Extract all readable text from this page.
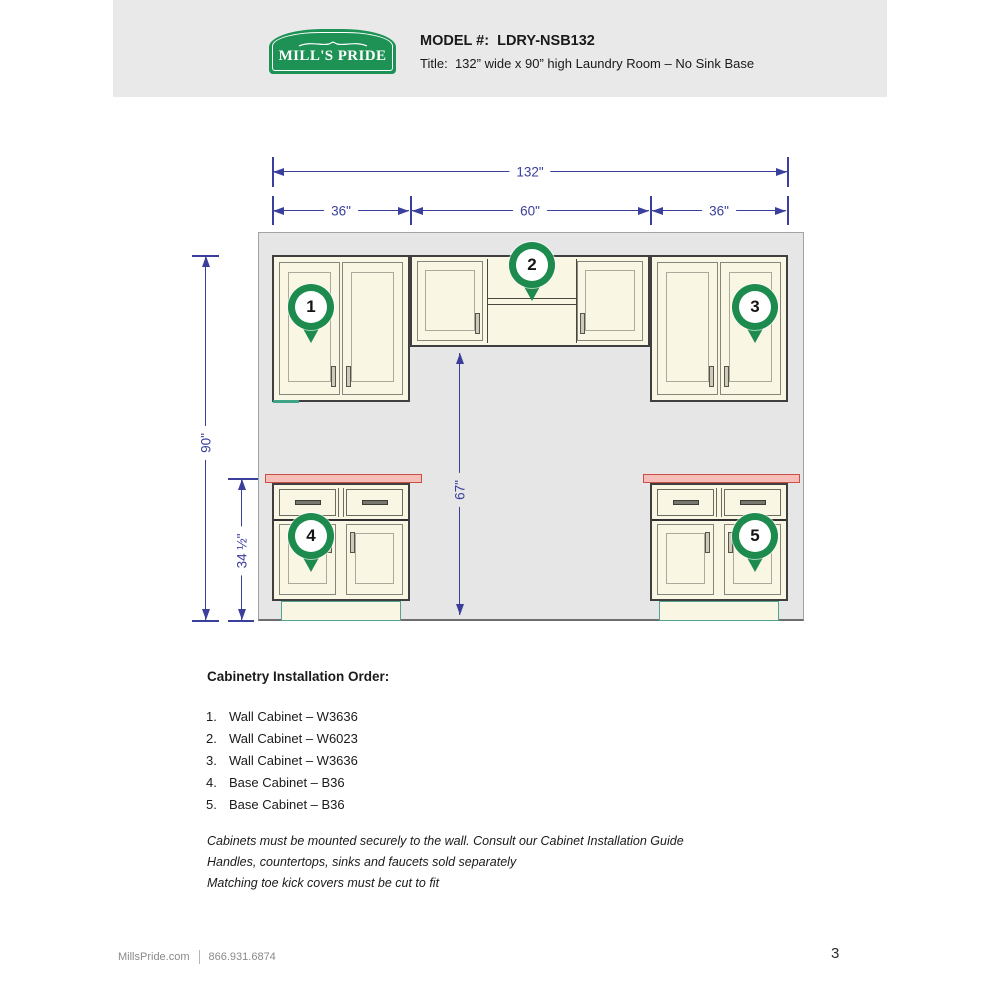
MILL'S PRIDE
MODEL #: LDRY-NSB132
Title: 132” wide x 90” high Laundry Room – No Sink Base
132"
36"	60"	36"
90"
34 ½"
67"
1
2
3
4	5
Cabinetry Installation Order:
1. Wall Cabinet – W3636
2. Wall Cabinet – W6023
3. Wall Cabinet – W3636
4. Base Cabinet – B36
5. Base Cabinet – B36
Cabinets must be mounted securely to the wall. Consult our Cabinet Installation Guide
Handles, countertops, sinks and faucets sold separately
Matching toe kick covers must be cut to fit
MillsPride.com 866.931.6874	3
